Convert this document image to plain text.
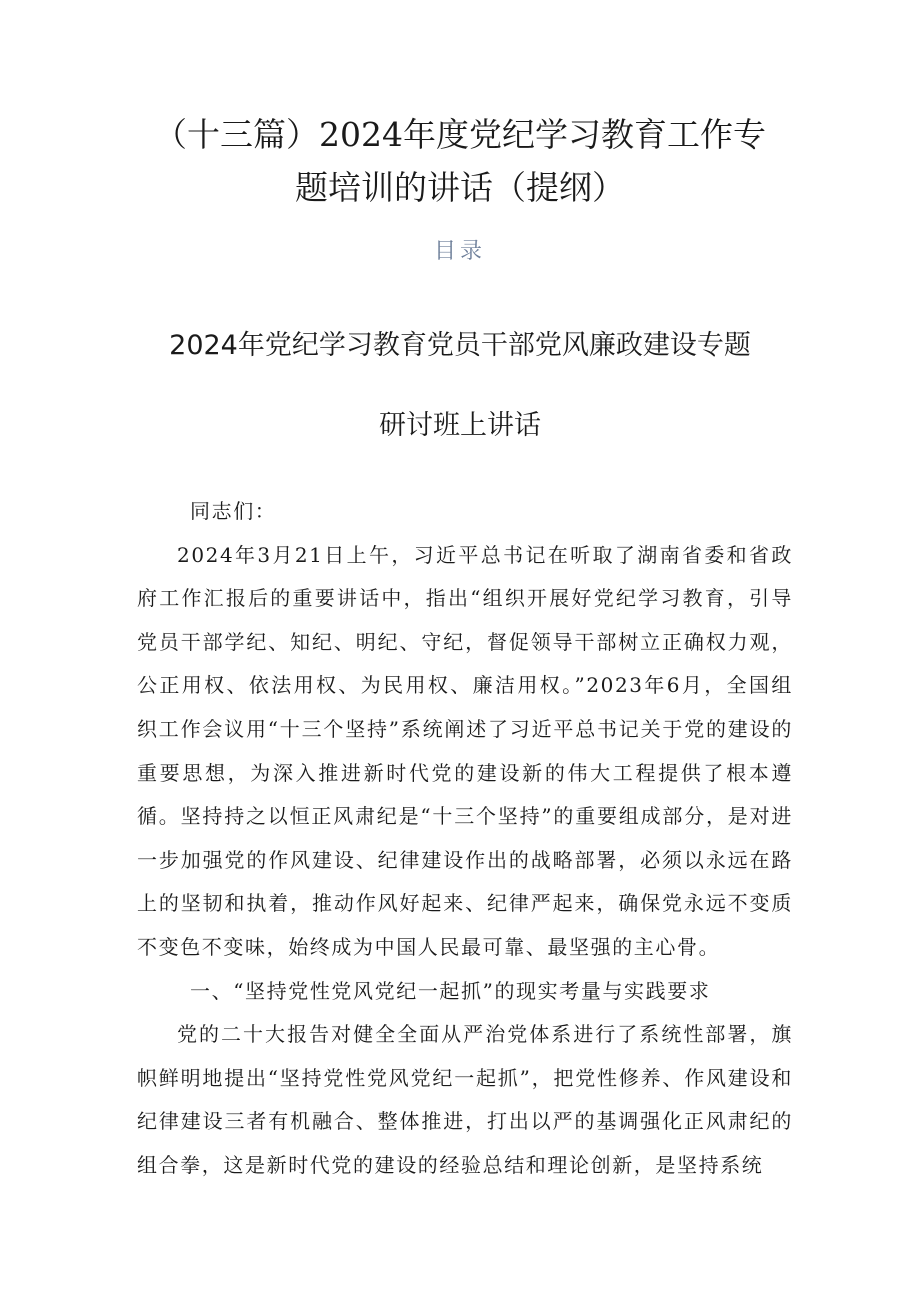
（十三篇）2024年度党纪学习教育工作专
题培训的讲话（提纲）
目录
2024年党纪学习教育党员干部党风廉政建设专题
研讨班上讲话

同志们：

2024年3月21日上午，习近平总书记在听取了湖南省委和省政府工作汇报后的重要讲话中，指出“组织开展好党纪学习教育，引导党员干部学纪、知纪、明纪、守纪，督促领导干部树立正确权力观，公正用权、依法用权、为民用权、廉洁用权。”2023年6月，全国组织工作会议用“十三个坚持”系统阐述了习近平总书记关于党的建设的重要思想，为深入推进新时代党的建设新的伟大工程提供了根本遵循。坚持持之以恒正风肃纪是“十三个坚持”的重要组成部分，是对进一步加强党的作风建设、纪律建设作出的战略部署，必须以永远在路上的坚韧和执着，推动作风好起来、纪律严起来，确保党永远不变质不变色不变味，始终成为中国人民最可靠、最坚强的主心骨。

一、“坚持党性党风党纪一起抓”的现实考量与实践要求

党的二十大报告对健全全面从严治党体系进行了系统性部署，旗帜鲜明地提出“坚持党性党风党纪一起抓”，把党性修养、作风建设和纪律建设三者有机融合、整体推进，打出以严的基调强化正风肃纪的组合拳，这是新时代党的建设的经验总结和理论创新，是坚持系统
